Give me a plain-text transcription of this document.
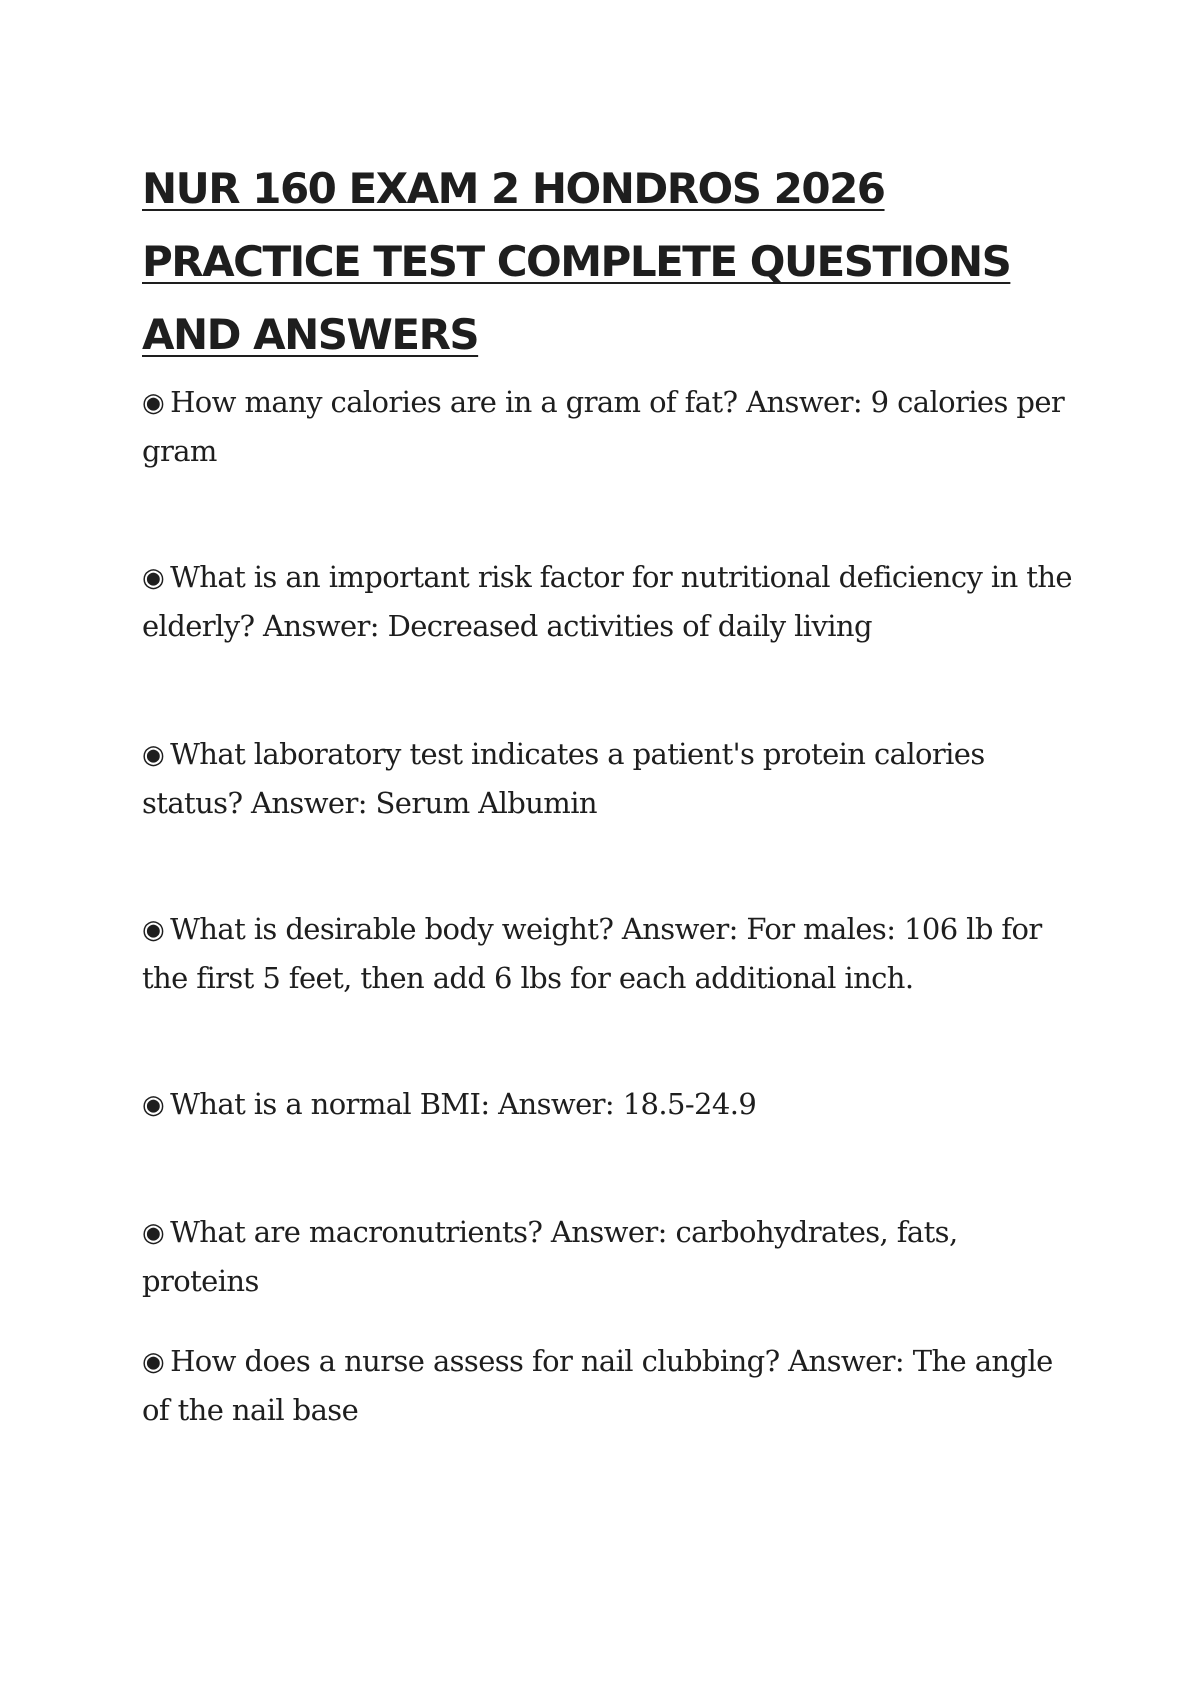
NUR 160 EXAM 2 HONDROS 2026 PRACTICE TEST COMPLETE QUESTIONS AND ANSWERS

◉ How many calories are in a gram of fat? Answer: 9 calories per gram

◉ What is an important risk factor for nutritional deficiency in the elderly? Answer: Decreased activities of daily living

◉ What laboratory test indicates a patient's protein calories status? Answer: Serum Albumin

◉ What is desirable body weight? Answer: For males: 106 lb for the first 5 feet, then add 6 lbs for each additional inch.

◉ What is a normal BMI: Answer: 18.5-24.9

◉ What are macronutrients? Answer: carbohydrates, fats, proteins

◉ How does a nurse assess for nail clubbing? Answer: The angle of the nail base
